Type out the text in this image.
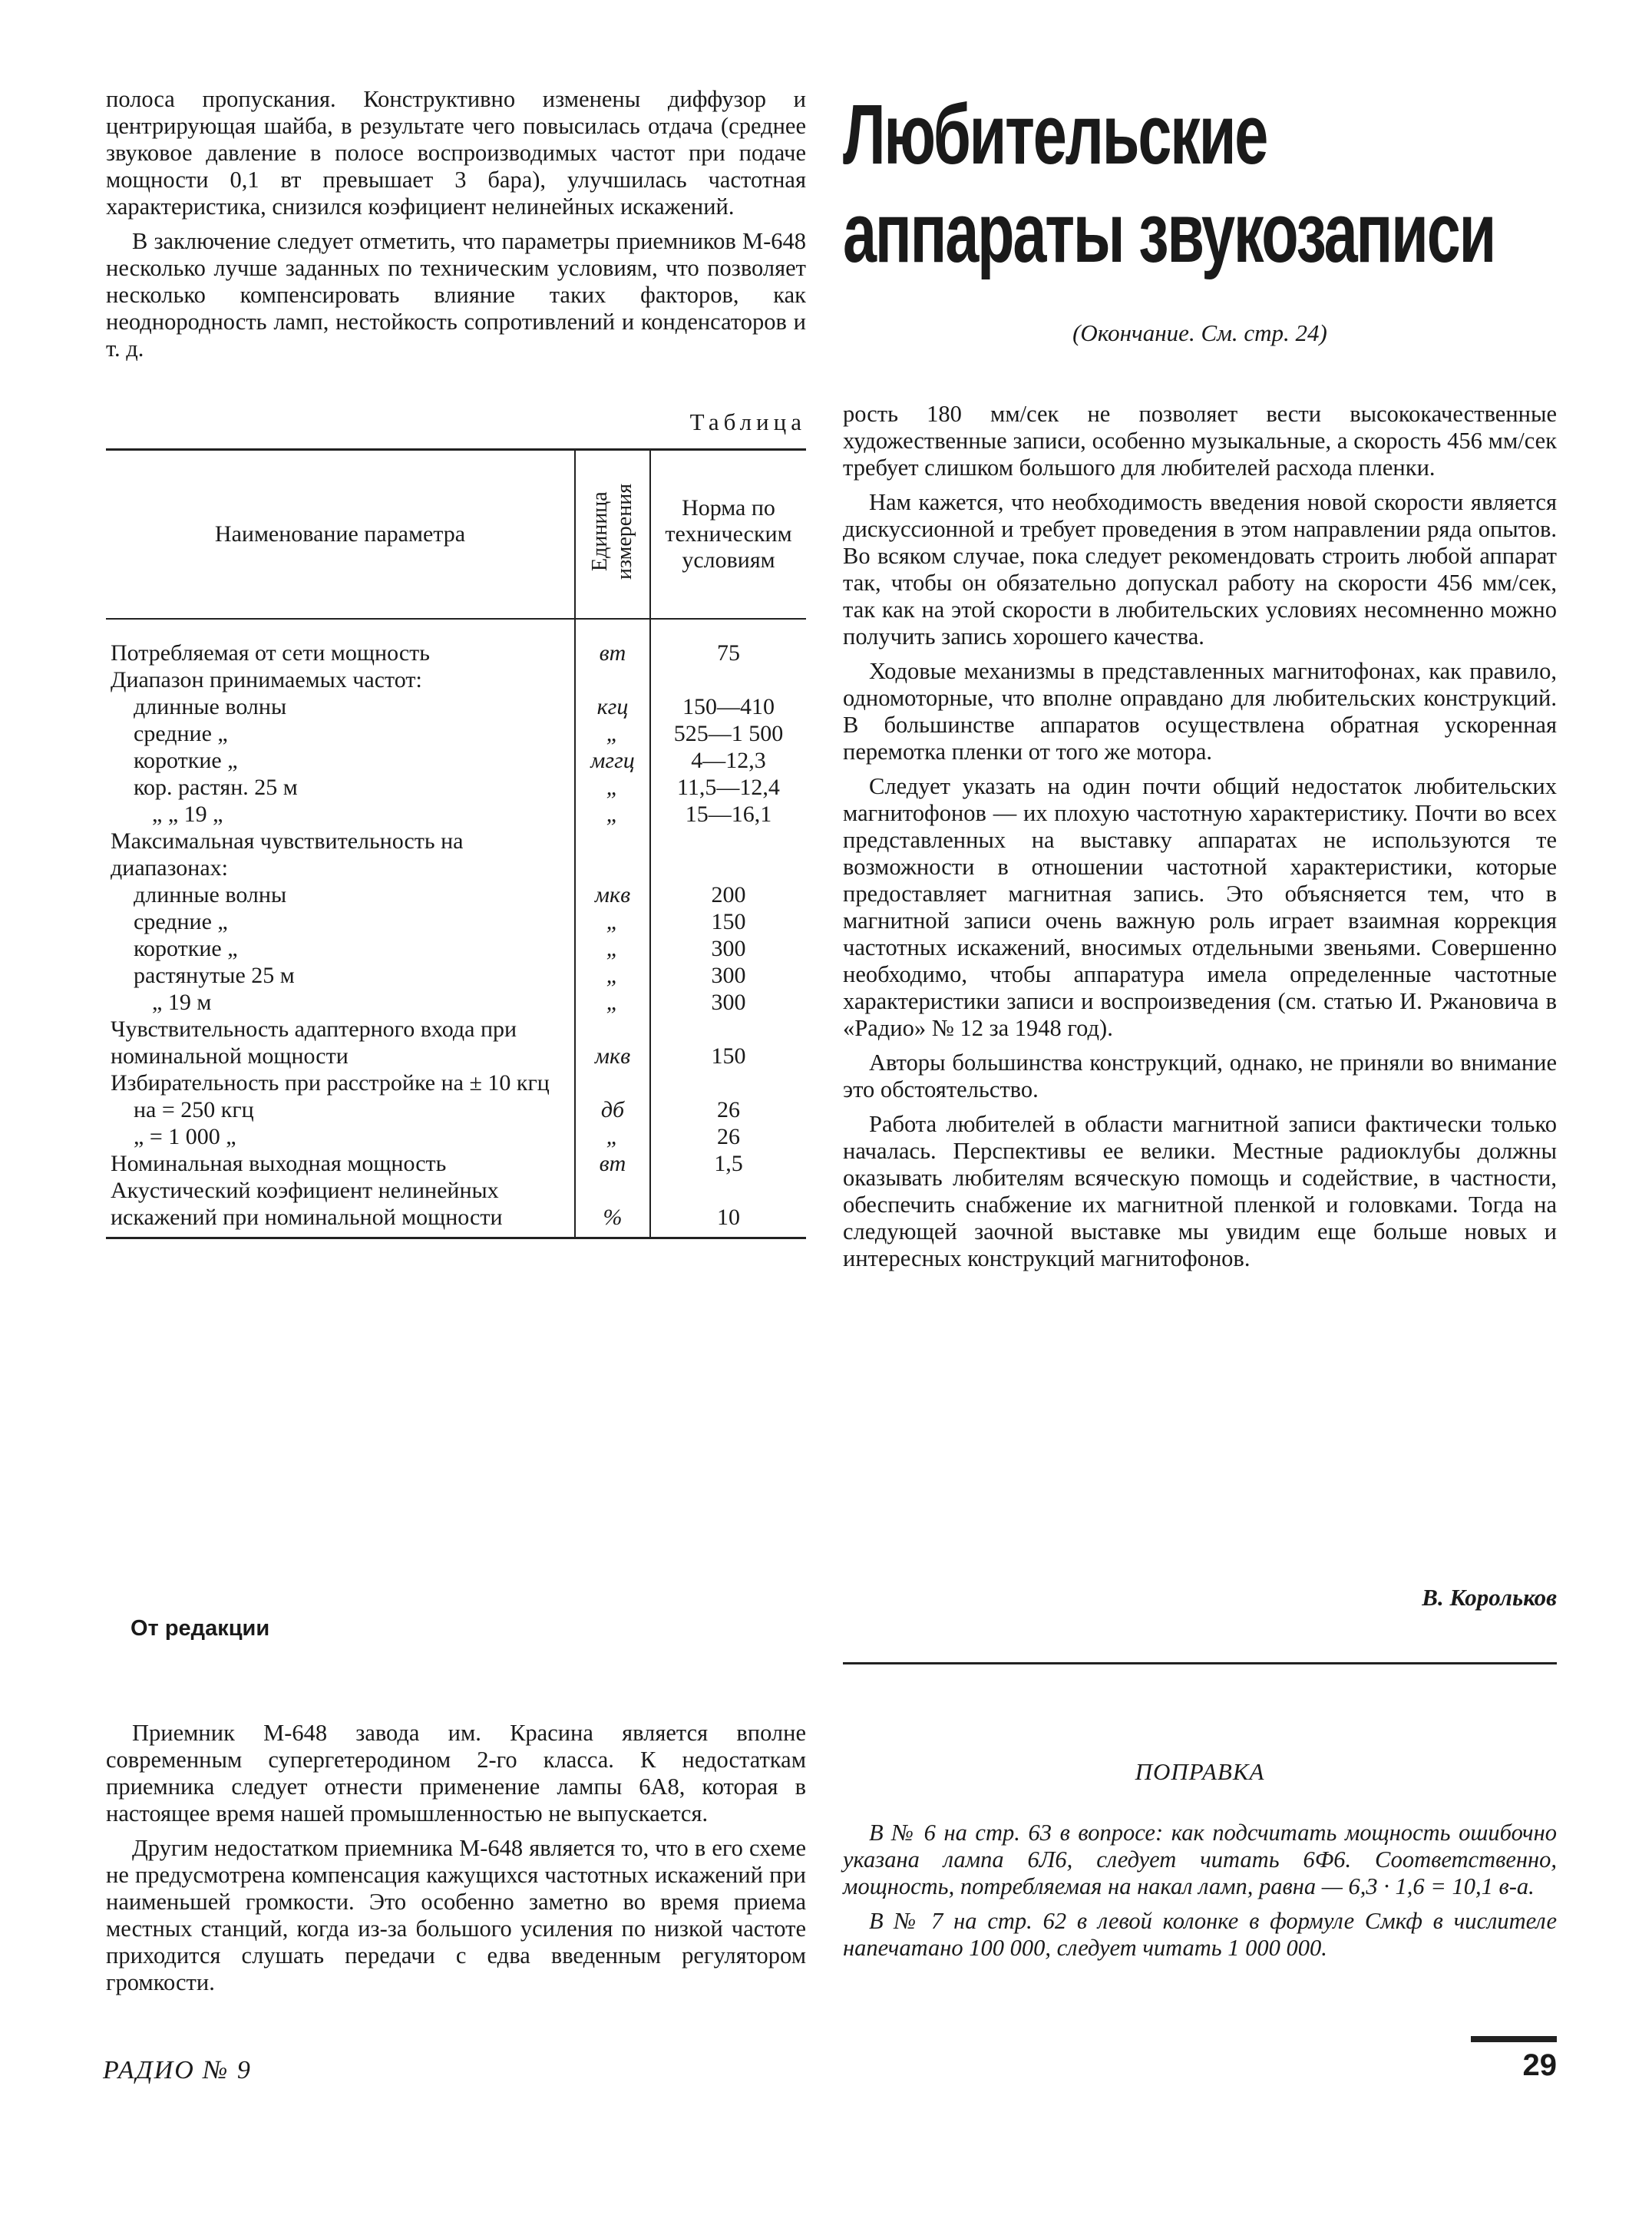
полоса пропускания. Конструктивно изменены диффузор и центрирующая шайба, в результате чего повысилась отдача (среднее звуковое давление в полосе воспроизводимых частот при подаче мощности 0,1 вт превышает 3 бара), улучшилась частотная характеристика, снизился коэфициент нелинейных искажений.

В заключение следует отметить, что параметры приемников М-648 несколько лучше заданных по техническим условиям, что позволяет несколько компенсировать влияние таких факторов, как неоднородность ламп, нестойкость сопротивлений и конденсаторов и т. д.

Таблица
Наименование параметра	Единица измерения	Норма по техническим условиям
Потребляемая от сети мощность	вт	75
Диапазон принимаемых частот:		
длинные волны	кгц	150—410
средние „	„	525—1 500
короткие „	мггц	4—12,3
кор. растян. 25 м	„	11,5—12,4
„ „ 19 „	„	15—16,1
Максимальная чувствительность на диапазонах:		
длинные волны	мкв	200
средние „	„	150
короткие „	„	300
растянутые 25 м	„	300
„ 19 м	„	300
Чувствительность адаптерного входа при номинальной мощности	мкв	150
Избирательность при расстройке на ± 10 кгц		
на = 250 кгц	дб	26
„ = 1 000 „	„	26
Номинальная выходная мощность	вт	1,5
Акустический коэфициент нелинейных искажений при номинальной мощности	%	10
От редакции

Приемник М-648 завода им. Красина является вполне современным супергетеродином 2-го класса. К недостаткам приемника следует отнести применение лампы 6А8, которая в настоящее время нашей промышленностью не выпускается.

Другим недостатком приемника М-648 является то, что в его схеме не предусмотрена компенсация кажущихся частотных искажений при наименьшей громкости. Это особенно заметно во время приема местных станций, когда из-за большого усиления по низкой частоте приходится слушать передачи с едва введенным регулятором громкости.

Любительские
аппараты звукозаписи
(Окончание. См. стр. 24)

рость 180 мм/сек не позволяет вести высококачественные художественные записи, особенно музыкальные, а скорость 456 мм/сек требует слишком большого для любителей расхода пленки.

Нам кажется, что необходимость введения новой скорости является дискуссионной и требует проведения в этом направлении ряда опытов. Во всяком случае, пока следует рекомендовать строить любой аппарат так, чтобы он обязательно допускал работу на скорости 456 мм/сек, так как на этой скорости в любительских условиях несомненно можно получить запись хорошего качества.

Ходовые механизмы в представленных магнитофонах, как правило, одномоторные, что вполне оправдано для любительских конструкций. В большинстве аппаратов осуществлена обратная ускоренная перемотка пленки от того же мотора.

Следует указать на один почти общий недостаток любительских магнитофонов — их плохую частотную характеристику. Почти во всех представленных на выставку аппаратах не используются те возможности в отношении частотной характеристики, которые предоставляет магнитная запись. Это объясняется тем, что в магнитной записи очень важную роль играет взаимная коррекция частотных искажений, вносимых отдельными звеньями. Совершенно необходимо, чтобы аппаратура имела определенные частотные характеристики записи и воспроизведения (см. статью И. Ржановича в «Радио» № 12 за 1948 год).

Авторы большинства конструкций, однако, не приняли во внимание это обстоятельство.

Работа любителей в области магнитной записи фактически только началась. Перспективы ее велики. Местные радиоклубы должны оказывать любителям всяческую помощь и содействие, в частности, обеспечить снабжение их магнитной пленкой и головками. Тогда на следующей заочной выставке мы увидим еще больше новых и интересных конструкций магнитофонов.

В. Корольков
ПОПРАВКА

В № 6 на стр. 63 в вопросе: как подсчитать мощность ошибочно указана лампа 6Л6, следует читать 6Ф6. Соответственно, мощность, потребляемая на накал ламп, равна — 6,3 · 1,6 = 10,1 в-а.

В № 7 на стр. 62 в левой колонке в формуле Смкф в числителе напечатано 100 000, следует читать 1 000 000.

РАДИО № 9	29
